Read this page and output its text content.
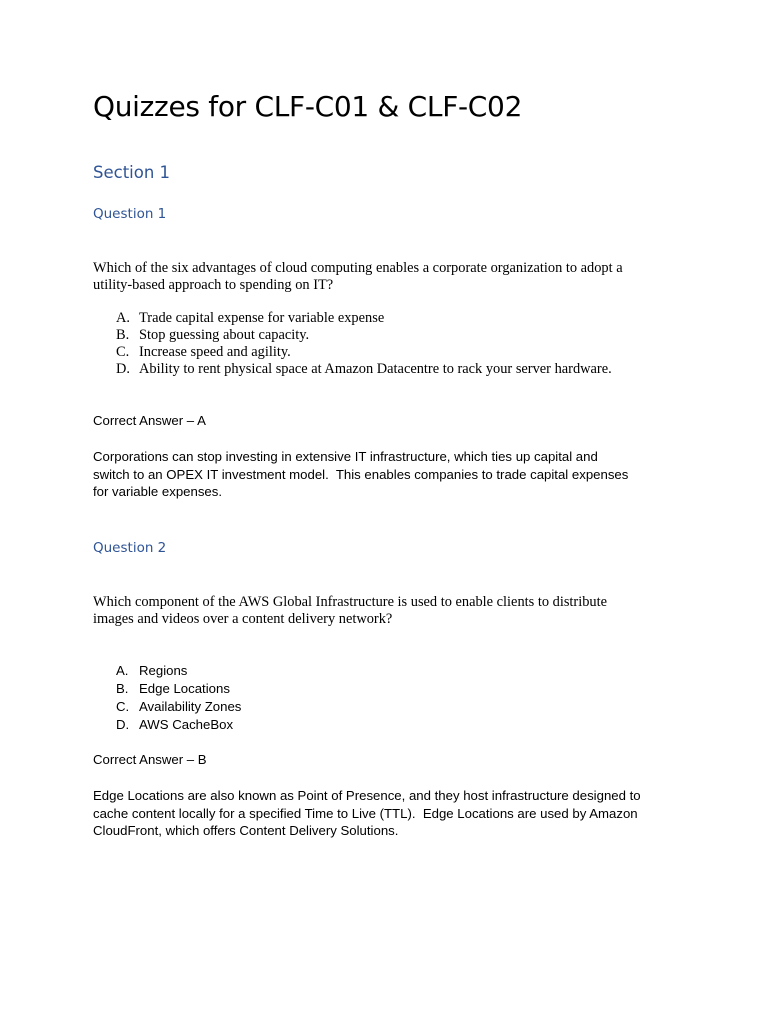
Quizzes for CLF-C01 & CLF-C02
Section 1
Question 1
Which of the six advantages of cloud computing enables a corporate organization to adopt a
utility-based approach to spending on IT?
A. Trade capital expense for variable expense
B. Stop guessing about capacity.
C. Increase speed and agility.
D. Ability to rent physical space at Amazon Datacentre to rack your server hardware.
Correct Answer – A
Corporations can stop investing in extensive IT infrastructure, which ties up capital and
switch to an OPEX IT investment model.  This enables companies to trade capital expenses
for variable expenses.
Question 2
Which component of the AWS Global Infrastructure is used to enable clients to distribute
images and videos over a content delivery network?
A. Regions
B. Edge Locations
C. Availability Zones
D. AWS CacheBox
Correct Answer – B
Edge Locations are also known as Point of Presence, and they host infrastructure designed to
cache content locally for a specified Time to Live (TTL).  Edge Locations are used by Amazon
CloudFront, which offers Content Delivery Solutions.
